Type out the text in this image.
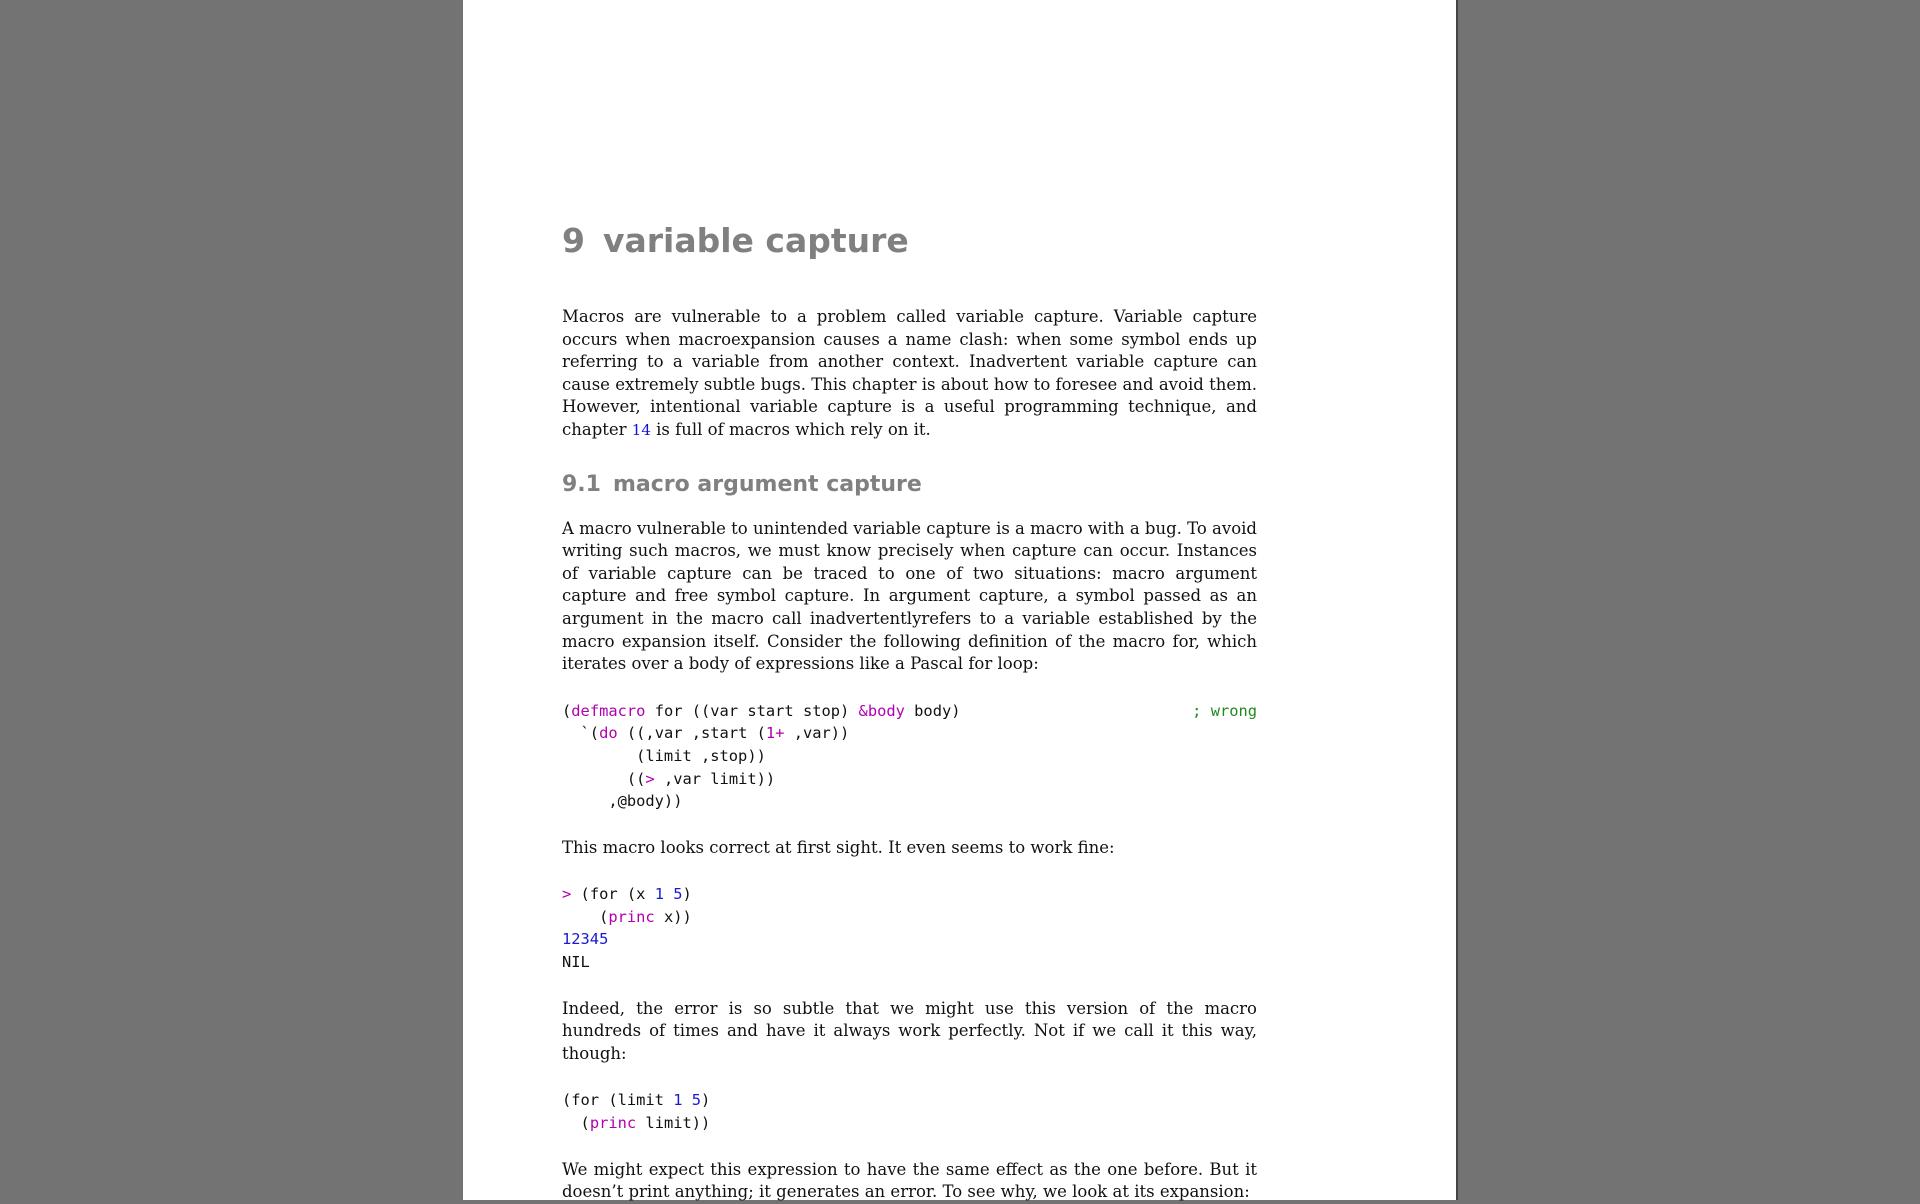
9 variable capture

Macros are vulnerable to a problem called variable capture. Variable capture occurs when macroexpansion causes a name clash: when some symbol ends up referring to a variable from another context. Inadvertent variable capture can cause extremely subtle bugs. This chapter is about how to foresee and avoid them. However, intentional variable capture is a useful programming technique, and chapter 14 is full of macros which rely on it.

9.1 macro argument capture

A macro vulnerable to unintended variable capture is a macro with a bug. To avoid writing such macros, we must know precisely when capture can occur. Instances of variable capture can be traced to one of two situations: macro argument capture and free symbol capture. In argument capture, a symbol passed as an argument in the macro call inadvertentlyrefers to a variable established by the macro expansion itself. Consider the following definition of the macro for, which iterates over a body of expressions like a Pascal for loop:

(defmacro for ((var start stop) &body body)	; wrong
`(do ((,var ,start (1+ ,var))
(limit ,stop))
((> ,var limit))
,@body))

This macro looks correct at first sight. It even seems to work fine:

> (for (x 1 5)
(princ x))
12345
NIL

Indeed, the error is so subtle that we might use this version of the macro hundreds of times and have it always work perfectly. Not if we call it this way, though:

(for (limit 1 5)
(princ limit))

We might expect this expression to have the same effect as the one before. But it doesn’t print anything; it generates an error. To see why, we look at its expansion:
